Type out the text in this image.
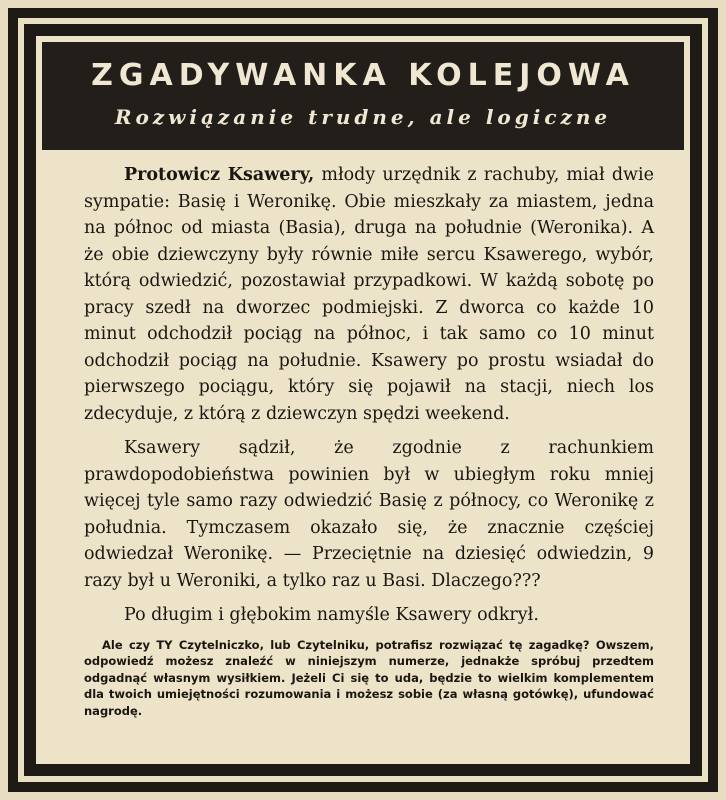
ZGADYWANKA KOLEJOWA
Rozwiązanie trudne, ale logiczne

Protowicz Ksawery, młody urzędnik z rachuby, miał dwie sympatie: Basię i Weronikę. Obie mieszkały za miastem, jedna na północ od miasta (Basia), druga na południe (Weronika). A że obie dziewczyny były równie miłe sercu Ksawerego, wybór, którą odwiedzić, pozostawiał przypadkowi. W każdą sobotę po pracy szedł na dworzec podmiejski. Z dworca co każde 10 minut odchodził pociąg na północ, i tak samo co 10 minut odchodził pociąg na południe. Ksawery po prostu wsiadał do pierwszego pociągu, który się pojawił na stacji, niech los zdecyduje, z którą z dziewczyn spędzi weekend.

Ksawery sądził, że zgodnie z rachunkiem prawdopodobieństwa powinien był w ubiegłym roku mniej więcej tyle samo razy odwiedzić Basię z północy, co Weronikę z południa. Tymczasem okazało się, że znacznie częściej odwiedzał Weronikę. — Przeciętnie na dziesięć odwiedzin, 9 razy był u Weroniki, a tylko raz u Basi. Dlaczego???

Po długim i głębokim namyśle Ksawery odkrył.

Ale czy TY Czytelniczko, lub Czytelniku, potrafisz rozwiązać tę zagadkę? Owszem, odpowiedź możesz znaleźć w niniejszym numerze, jednakże spróbuj przedtem odgadnąć własnym wysiłkiem. Jeżeli Ci się to uda, będzie to wielkim komplementem dla twoich umiejętności rozumowania i możesz sobie (za własną gotówkę), ufundować nagrodę.
